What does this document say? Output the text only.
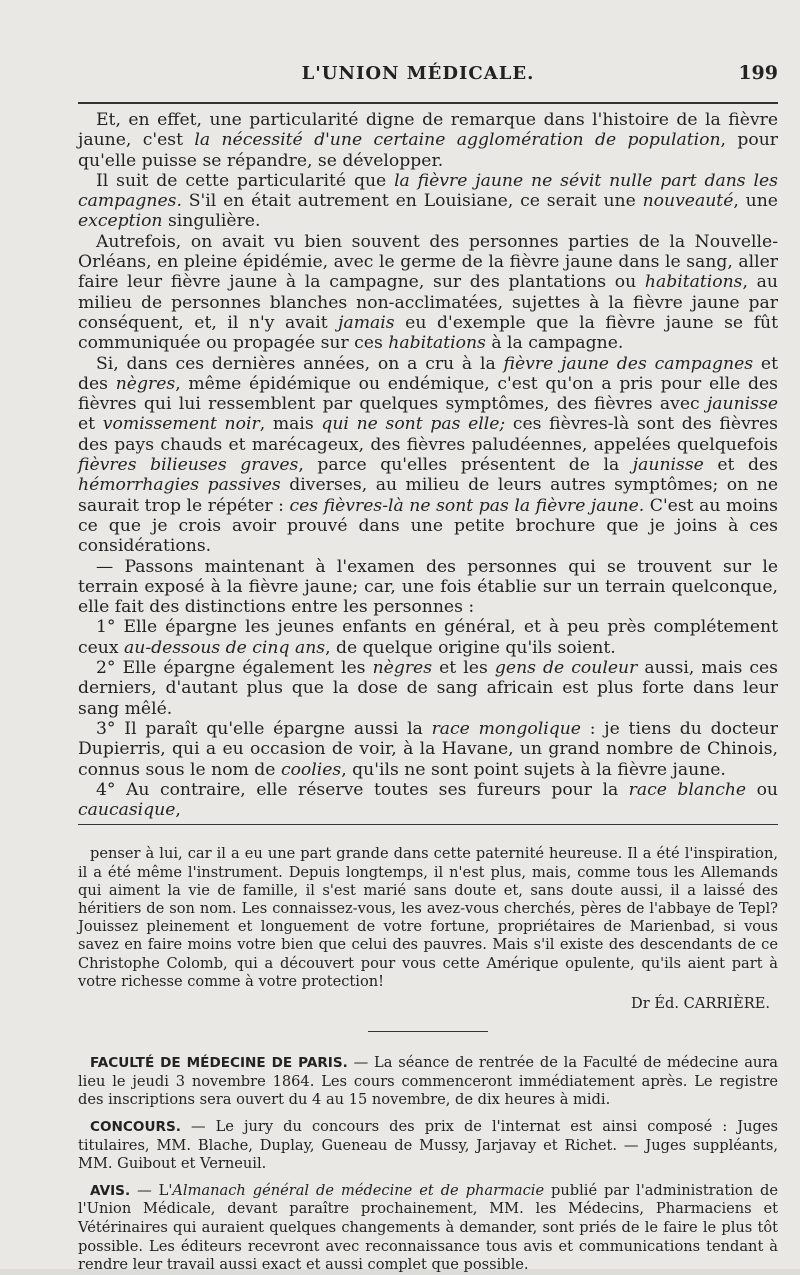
L'UNION MÉDICALE.	199

Et, en effet, une particularité digne de remarque dans l'histoire de la fièvre jaune, c'est la nécessité d'une certaine agglomération de population, pour qu'elle puisse se répandre, se développer.

Il suit de cette particularité que la fièvre jaune ne sévit nulle part dans les campagnes. S'il en était autrement en Louisiane, ce serait une nouveauté, une exception singulière.

Autrefois, on avait vu bien souvent des personnes parties de la Nouvelle-Orléans, en pleine épidémie, avec le germe de la fièvre jaune dans le sang, aller faire leur fièvre jaune à la campagne, sur des plantations ou habitations, au milieu de personnes blanches non-acclimatées, sujettes à la fièvre jaune par conséquent, et, il n'y avait jamais eu d'exemple que la fièvre jaune se fût communiquée ou propagée sur ces habitations à la campagne.

Si, dans ces dernières années, on a cru à la fièvre jaune des campagnes et des nègres, même épidémique ou endémique, c'est qu'on a pris pour elle des fièvres qui lui ressemblent par quelques symptômes, des fièvres avec jaunisse et vomissement noir, mais qui ne sont pas elle; ces fièvres-là sont des fièvres des pays chauds et marécageux, des fièvres paludéennes, appelées quelquefois fièvres bilieuses graves, parce qu'elles présentent de la jaunisse et des hémorrhagies passives diverses, au milieu de leurs autres symptômes; on ne saurait trop le répéter : ces fièvres-là ne sont pas la fièvre jaune. C'est au moins ce que je crois avoir prouvé dans une petite brochure que je joins à ces considérations.

— Passons maintenant à l'examen des personnes qui se trouvent sur le terrain exposé à la fièvre jaune; car, une fois établie sur un terrain quelconque, elle fait des distinctions entre les personnes :

1° Elle épargne les jeunes enfants en général, et à peu près complétement ceux au-dessous de cinq ans, de quelque origine qu'ils soient.

2° Elle épargne également les nègres et les gens de couleur aussi, mais ces derniers, d'autant plus que la dose de sang africain est plus forte dans leur sang mêlé.

3° Il paraît qu'elle épargne aussi la race mongolique : je tiens du docteur Dupierris, qui a eu occasion de voir, à la Havane, un grand nombre de Chinois, connus sous le nom de coolies, qu'ils ne sont point sujets à la fièvre jaune.

4° Au contraire, elle réserve toutes ses fureurs pour la race blanche ou caucasique,

penser à lui, car il a eu une part grande dans cette paternité heureuse. Il a été l'inspiration, il a été même l'instrument. Depuis longtemps, il n'est plus, mais, comme tous les Allemands qui aiment la vie de famille, il s'est marié sans doute et, sans doute aussi, il a laissé des héritiers de son nom. Les connaissez-vous, les avez-vous cherchés, pères de l'abbaye de Tepl? Jouissez pleinement et longuement de votre fortune, propriétaires de Marienbad, si vous savez en faire moins votre bien que celui des pauvres. Mais s'il existe des descendants de ce Christophe Colomb, qui a découvert pour vous cette Amérique opulente, qu'ils aient part à votre richesse comme à votre protection!

Dr Éd. CARRIÈRE.

FACULTÉ DE MÉDECINE DE PARIS. — La séance de rentrée de la Faculté de médecine aura lieu le jeudi 3 novembre 1864. Les cours commenceront immédiatement après. Le registre des inscriptions sera ouvert du 4 au 15 novembre, de dix heures à midi.

CONCOURS. — Le jury du concours des prix de l'internat est ainsi composé : Juges titulaires, MM. Blache, Duplay, Gueneau de Mussy, Jarjavay et Richet. — Juges suppléants, MM. Guibout et Verneuil.

AVIS. — L'Almanach général de médecine et de pharmacie publié par l'administration de l'Union Médicale, devant paraître prochainement, MM. les Médecins, Pharmaciens et Vétérinaires qui auraient quelques changements à demander, sont priés de le faire le plus tôt possible. Les éditeurs recevront avec reconnaissance tous avis et communications tendant à rendre leur travail aussi exact et aussi complet que possible.
